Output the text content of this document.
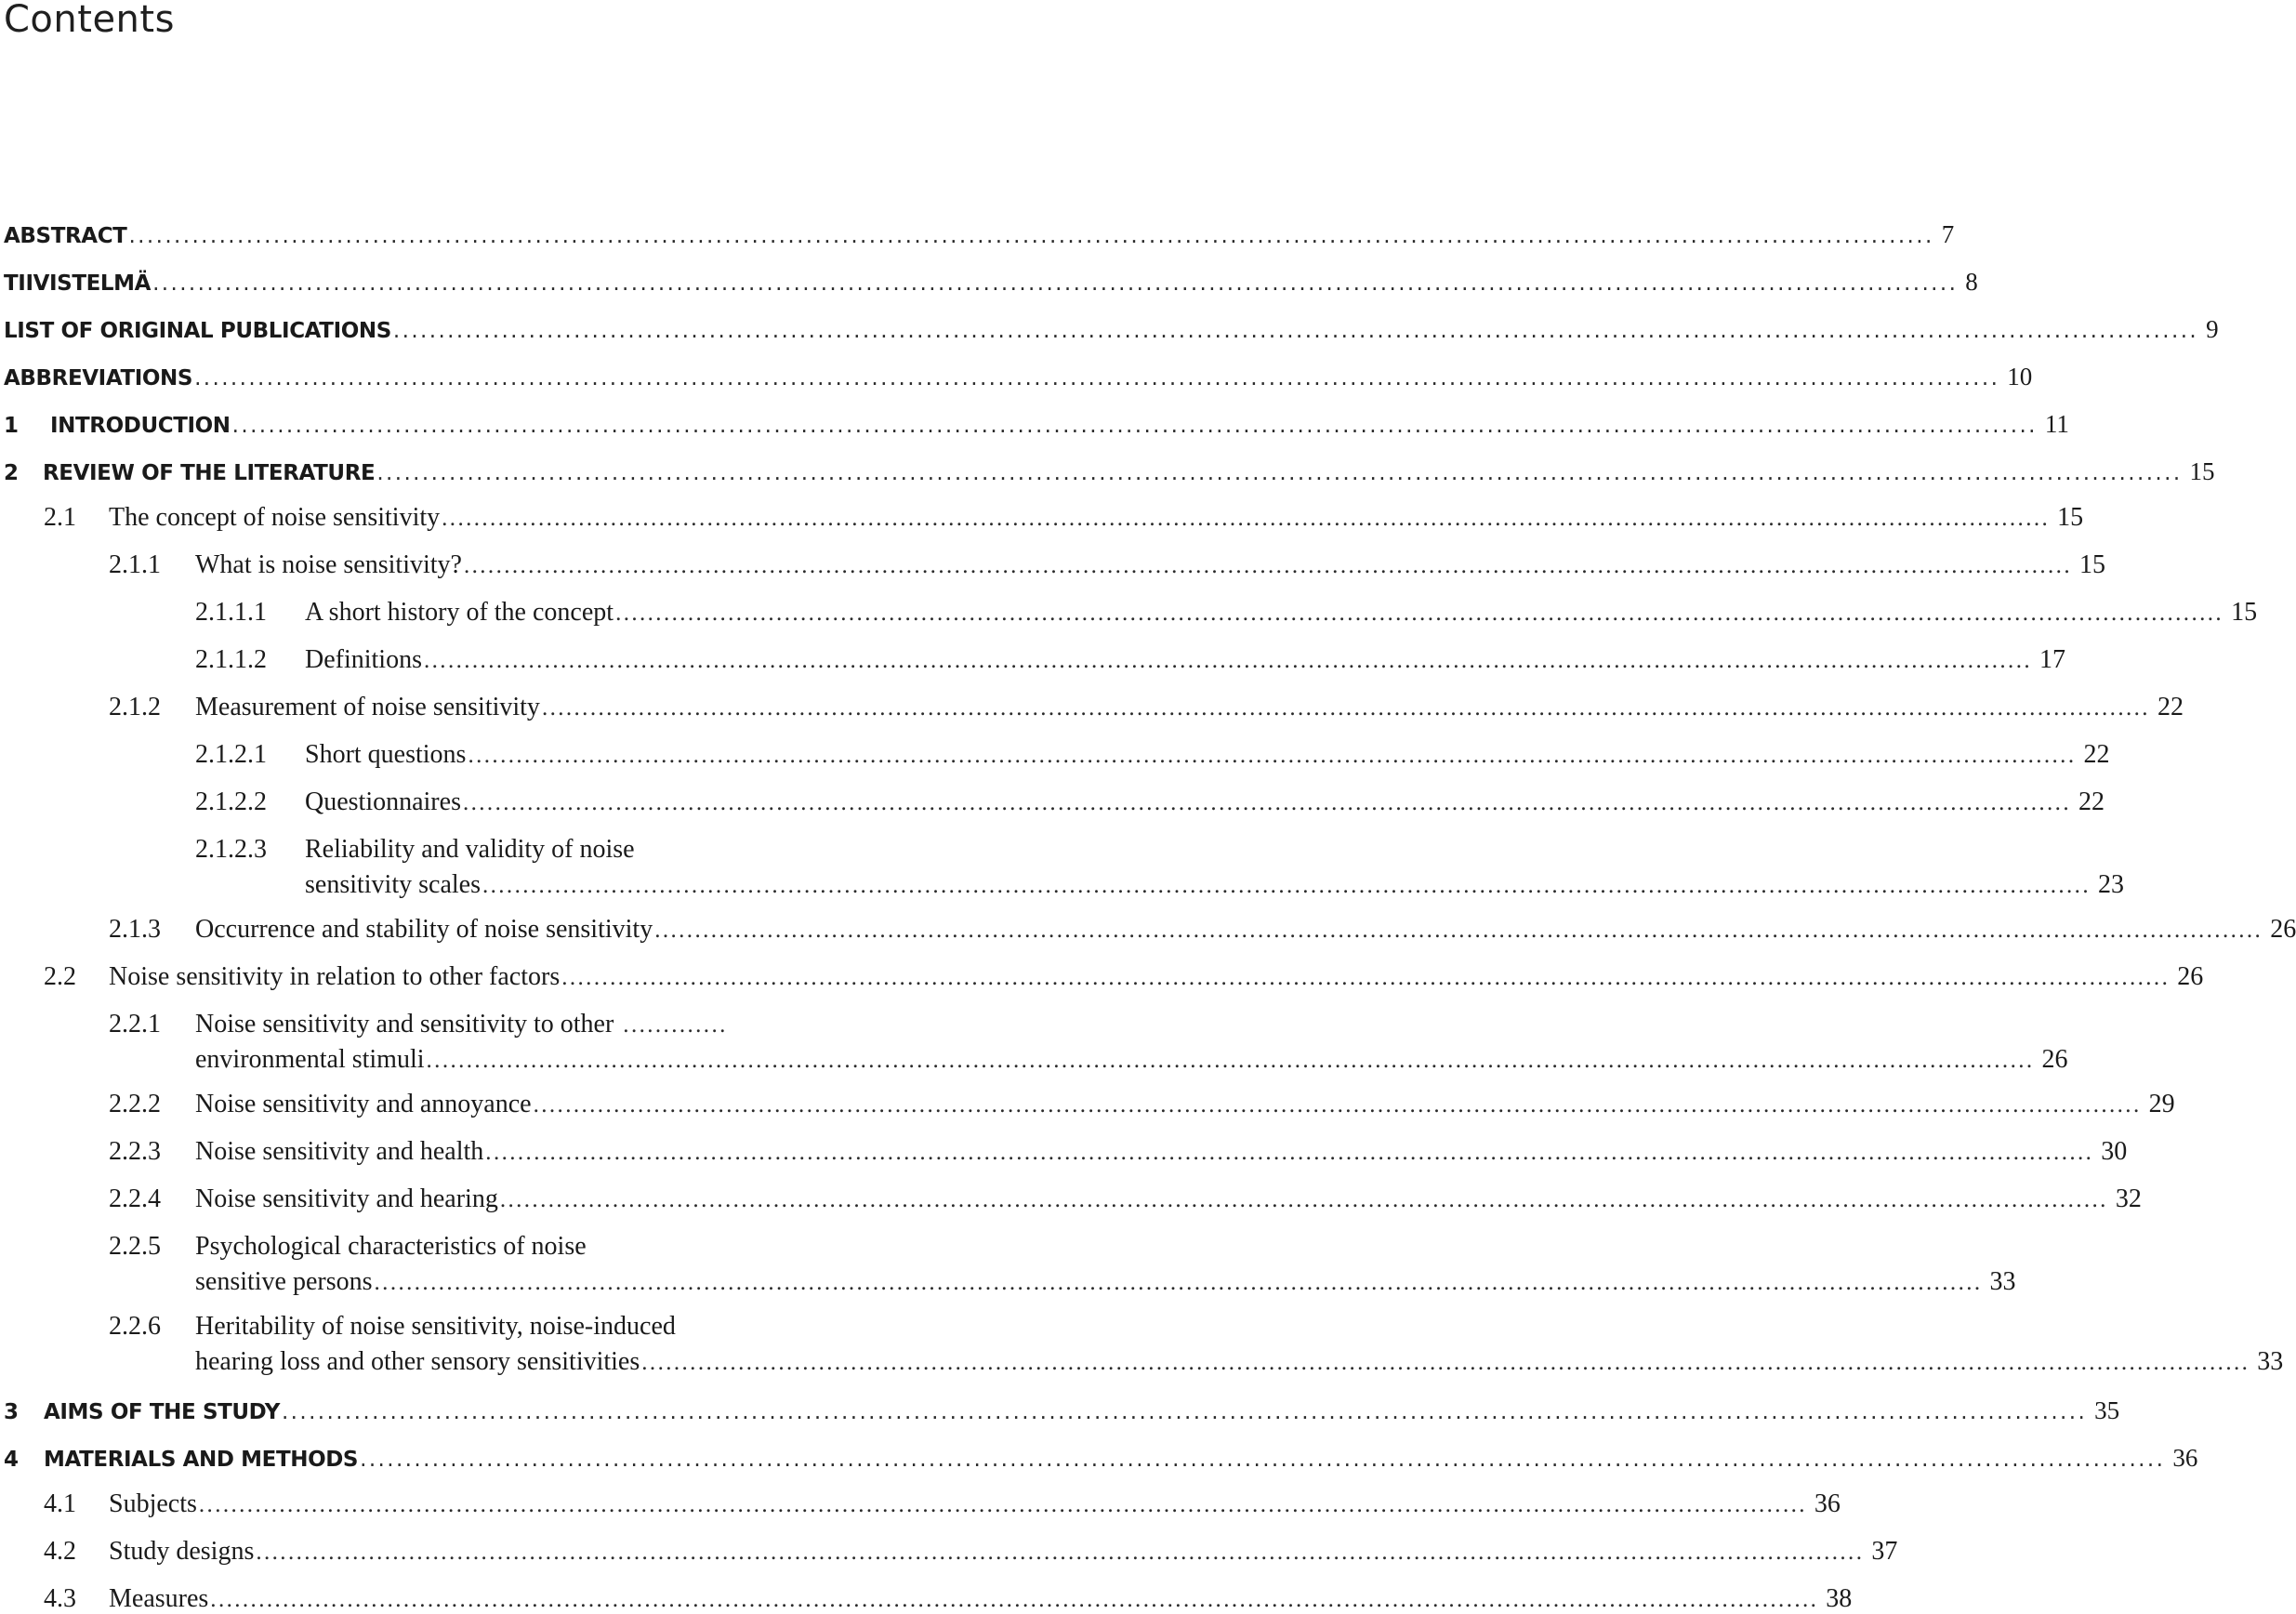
Contents
ABSTRACT ........................................................................................................................................................................................................ 7
TIIVISTELMÄ ........................................................................................................................................................................................................ 8
LIST OF ORIGINAL PUBLICATIONS ........................................................................................................................................................................................................ 9
ABBREVIATIONS ........................................................................................................................................................................................................ 10
1	INTRODUCTION ........................................................................................................................................................................................................ 11
2	REVIEW OF THE LITERATURE ........................................................................................................................................................................................................ 15
2.1	The concept of noise sensitivity ........................................................................................................................................................................................................ 15
2.1.1	What is noise sensitivity? ........................................................................................................................................................................................................ 15
2.1.1.1	A short history of the concept ........................................................................................................................................................................................................ 15
2.1.1.2	Definitions ........................................................................................................................................................................................................ 17
2.1.2	Measurement of noise sensitivity ........................................................................................................................................................................................................ 22
2.1.2.1	Short questions ........................................................................................................................................................................................................ 22
2.1.2.2	Questionnaires ........................................................................................................................................................................................................ 22
2.1.2.3	Reliability and validity of noise
sensitivity scales ........................................................................................................................................................................................................ 23
2.1.3	Occurrence and stability of noise sensitivity ........................................................................................................................................................................................................ 26
2.2	Noise sensitivity in relation to other factors ........................................................................................................................................................................................................ 26
2.2.1	Noise sensitivity and sensitivity to other .............
environmental stimuli ........................................................................................................................................................................................................ 26
2.2.2	Noise sensitivity and annoyance ........................................................................................................................................................................................................ 29
2.2.3	Noise sensitivity and health ........................................................................................................................................................................................................ 30
2.2.4	Noise sensitivity and hearing ........................................................................................................................................................................................................ 32
2.2.5	Psychological characteristics of noise
sensitive persons ........................................................................................................................................................................................................ 33
2.2.6	Heritability of noise sensitivity, noise-induced
hearing loss and other sensory sensitivities ........................................................................................................................................................................................................ 33
3	AIMS OF THE STUDY ........................................................................................................................................................................................................ 35
4	MATERIALS AND METHODS ........................................................................................................................................................................................................ 36
4.1	Subjects ........................................................................................................................................................................................................ 36
4.2	Study designs ........................................................................................................................................................................................................ 37
4.3	Measures ........................................................................................................................................................................................................ 38
